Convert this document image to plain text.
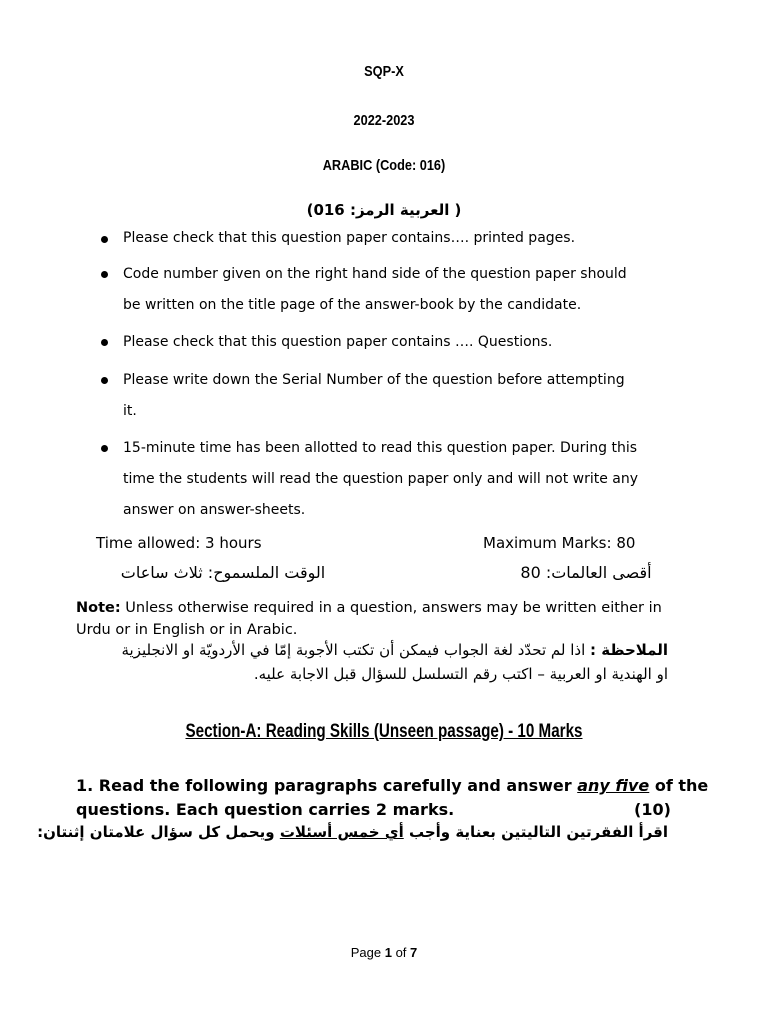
SQP-X
2022-2023
ARABIC (Code: 016)
( العربية الرمز: 016)
Please check that this question paper contains…. printed pages.
Code number given on the right hand side of the question paper should
be written on the title page of the answer-book by the candidate.
Please check that this question paper contains …. Questions.
Please write down the Serial Number of the question before attempting
it.
15-minute time has been allotted to read this question paper. During this
time the students will read the question paper only and will not write any
answer on answer-sheets.
Time allowed: 3 hours	Maximum Marks: 80
الوقت الملسموح: ثلاث ساعات	أقصى العالمات: 80
Note: Unless otherwise required in a question, answers may be written either in
Urdu or in English or in Arabic.
الملاحظة : اذا لم تحدّد لغة الجواب فيمكن أن تكتب الأجوبة إمّا في الأردويّة او الانجليزية
او الهندية او العربية – اكتب رقم التسلسل للسؤال قبل الاجابة عليه.
Section-A: Reading Skills (Unseen passage) - 10 Marks
1. Read the following paragraphs carefully and answer any five of the
questions. Each question carries 2 marks.	(10)
اقرأ الفقرتين التاليتين بعناية وأجب أي خمس أسئلات ويحمل كل سؤال علامتان إثنتان:
Page 1 of 7
